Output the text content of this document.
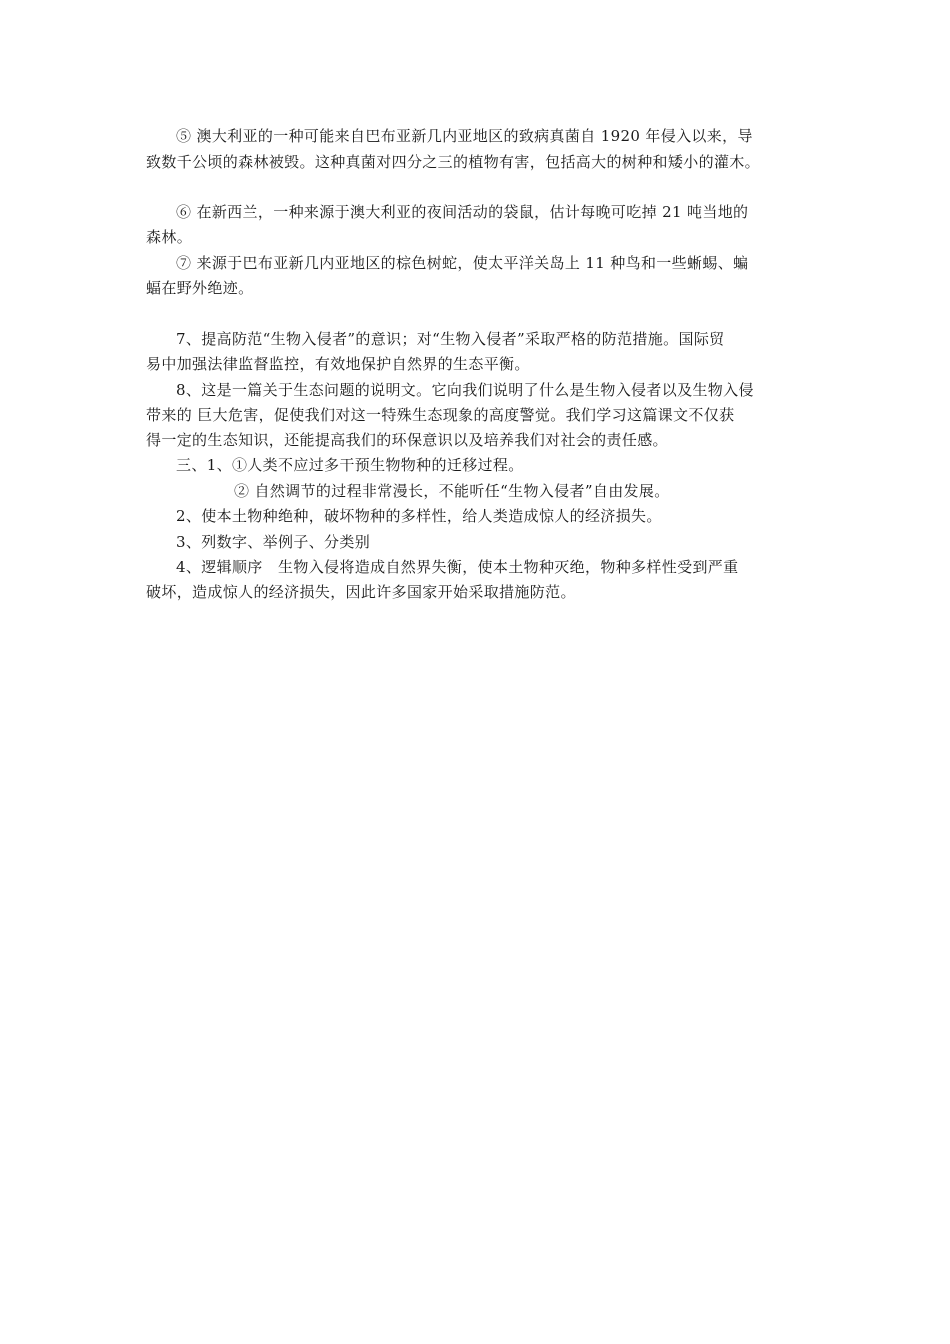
⑤ 澳大利亚的一种可能来自巴布亚新几内亚地区的致病真菌自 1920 年侵入以来，导
致数千公顷的森林被毁。这种真菌对四分之三的植物有害，包括高大的树种和矮小的灌木。
⑥ 在新西兰，一种来源于澳大利亚的夜间活动的袋鼠，估计每晚可吃掉 21 吨当地的
森林。
⑦ 来源于巴布亚新几内亚地区的棕色树蛇，使太平洋关岛上 11 种鸟和一些蜥蜴、蝙
蝠在野外绝迹。
7、提高防范“生物入侵者”的意识；对“生物入侵者”采取严格的防范措施。国际贸
易中加强法律监督监控，有效地保护自然界的生态平衡。
8、这是一篇关于生态问题的说明文。它向我们说明了什么是生物入侵者以及生物入侵
带来的 巨大危害，促使我们对这一特殊生态现象的高度警觉。我们学习这篇课文不仅获
得一定的生态知识，还能提高我们的环保意识以及培养我们对社会的责任感。
三、1、①人类不应过多干预生物物种的迁移过程。
② 自然调节的过程非常漫长，不能听任“生物入侵者”自由发展。
2、使本土物种绝种，破坏物种的多样性，给人类造成惊人的经济损失。
3、列数字、举例子、分类别
4、逻辑顺序　生物入侵将造成自然界失衡，使本土物种灭绝，物种多样性受到严重
破坏，造成惊人的经济损失，因此许多国家开始采取措施防范。
